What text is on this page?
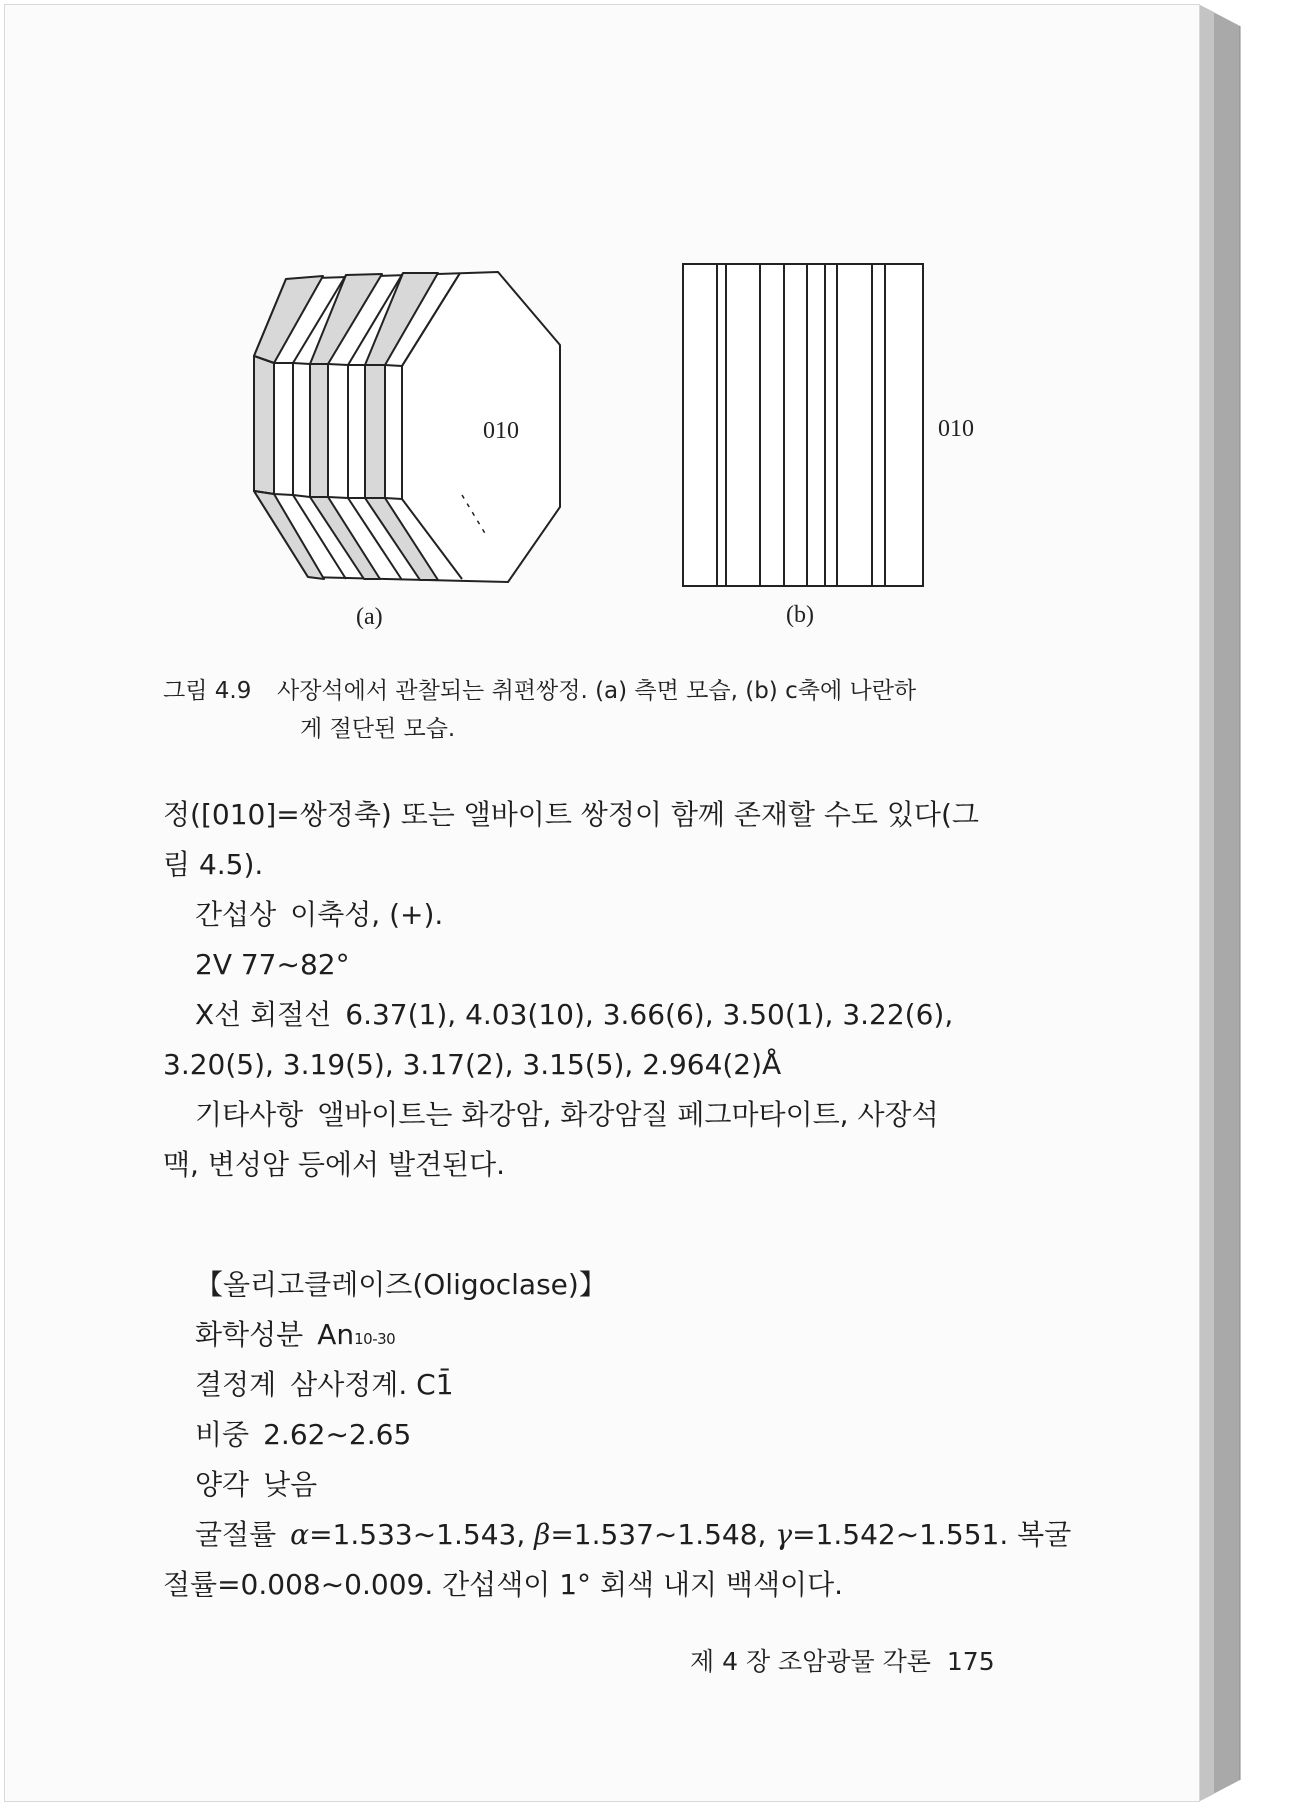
010
(a)
010
(b)
그림 4.9 사장석에서 관찰되는 취편쌍정. (a) 측면 모습, (b) c축에 나란하
게 절단된 모습.
정([010]=쌍정축) 또는 앨바이트 쌍정이 함께 존재할 수도 있다(그
림 4.5).
간섭상 이축성, (+).
2V 77∼82°
X선 회절선 6.37(1), 4.03(10), 3.66(6), 3.50(1), 3.22(6),
3.20(5), 3.19(5), 3.17(2), 3.15(5), 2.964(2)Å
기타사항 앨바이트는 화강암, 화강암질 페그마타이트, 사장석
맥, 변성암 등에서 발견된다.
【올리고클레이즈(Oligoclase)】
화학성분 An10-30
결정계 삼사정계. C1̄
비중 2.62∼2.65
양각 낮음
굴절률 α=1.533∼1.543, β=1.537∼1.548, γ=1.542∼1.551. 복굴
절률=0.008∼0.009. 간섭색이 1° 회색 내지 백색이다.
제 4 장 조암광물 각론 175
